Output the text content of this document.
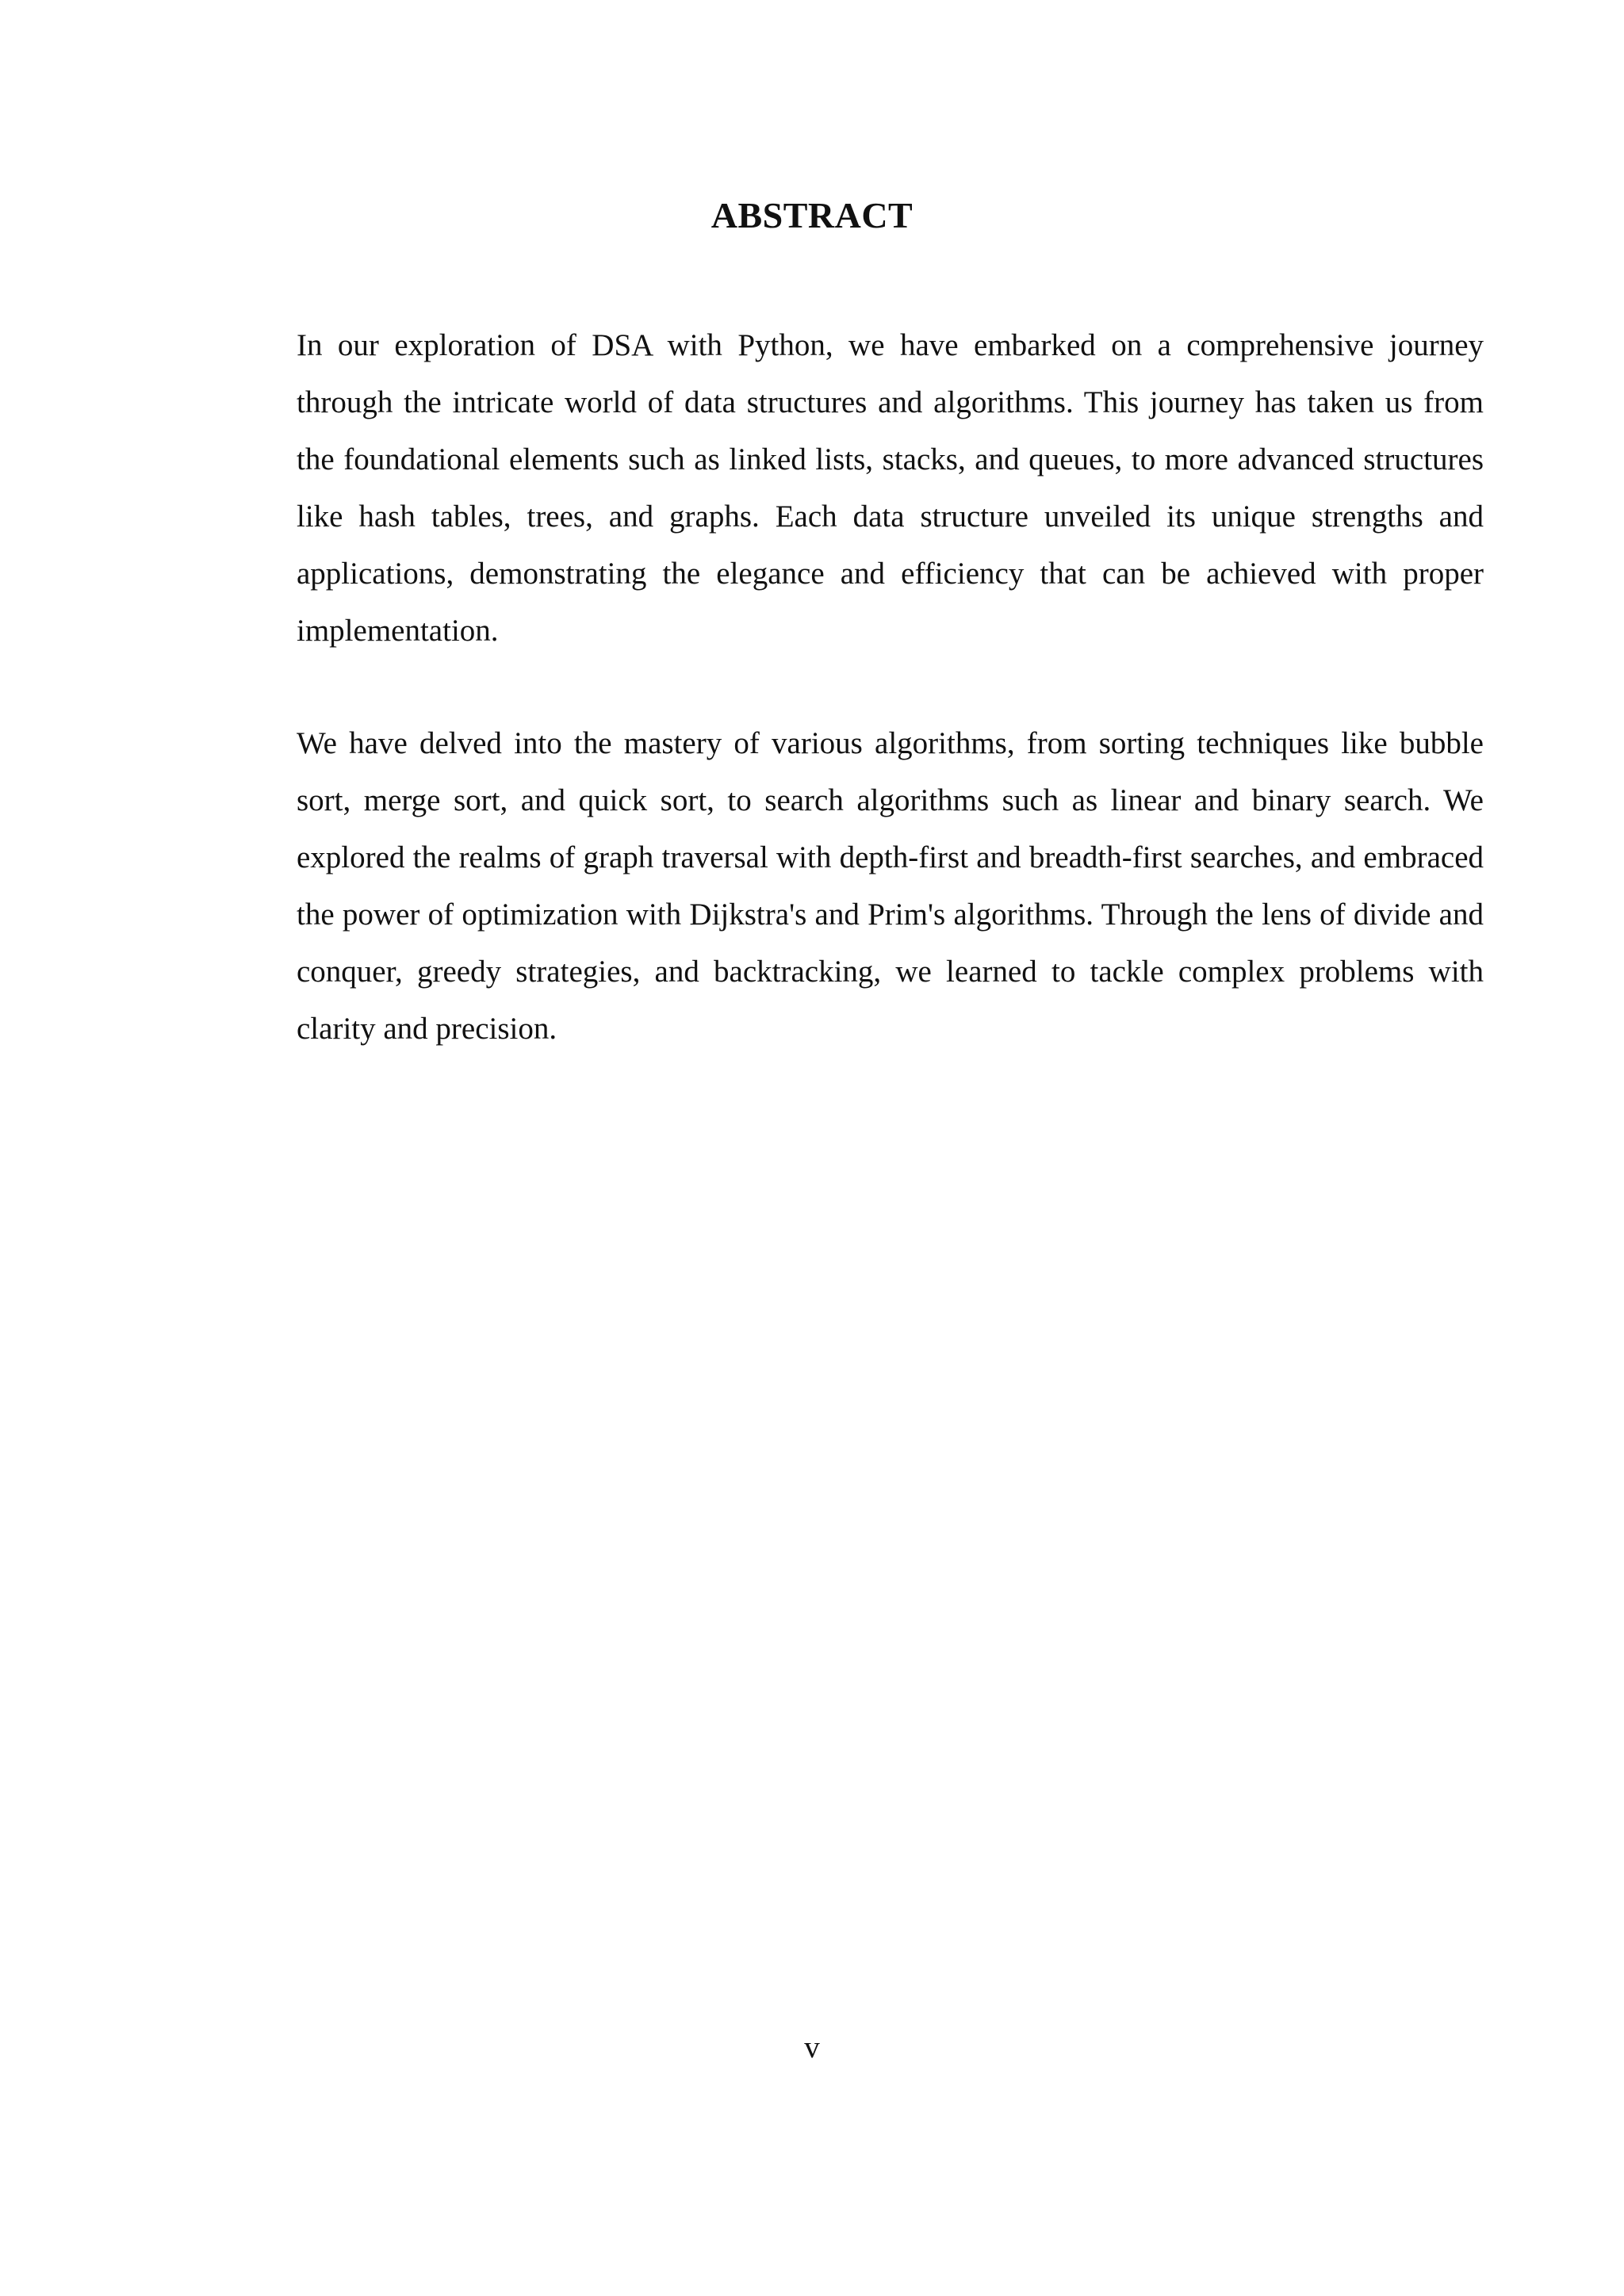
ABSTRACT

In our exploration of DSA with Python, we have embarked on a comprehensive journey through the intricate world of data structures and algorithms. This journey has taken us from the foundational elements such as linked lists, stacks, and queues, to more advanced structures like hash tables, trees, and graphs. Each data structure unveiled its unique strengths and applications, demonstrating the elegance and efficiency that can be achieved with proper implementation.

We have delved into the mastery of various algorithms, from sorting techniques like bubble sort, merge sort, and quick sort, to search algorithms such as linear and binary search. We explored the realms of graph traversal with depth-first and breadth-first searches, and embraced the power of optimization with Dijkstra's and Prim's algorithms. Through the lens of divide and conquer, greedy strategies, and backtracking, we learned to tackle complex problems with clarity and precision.

v
